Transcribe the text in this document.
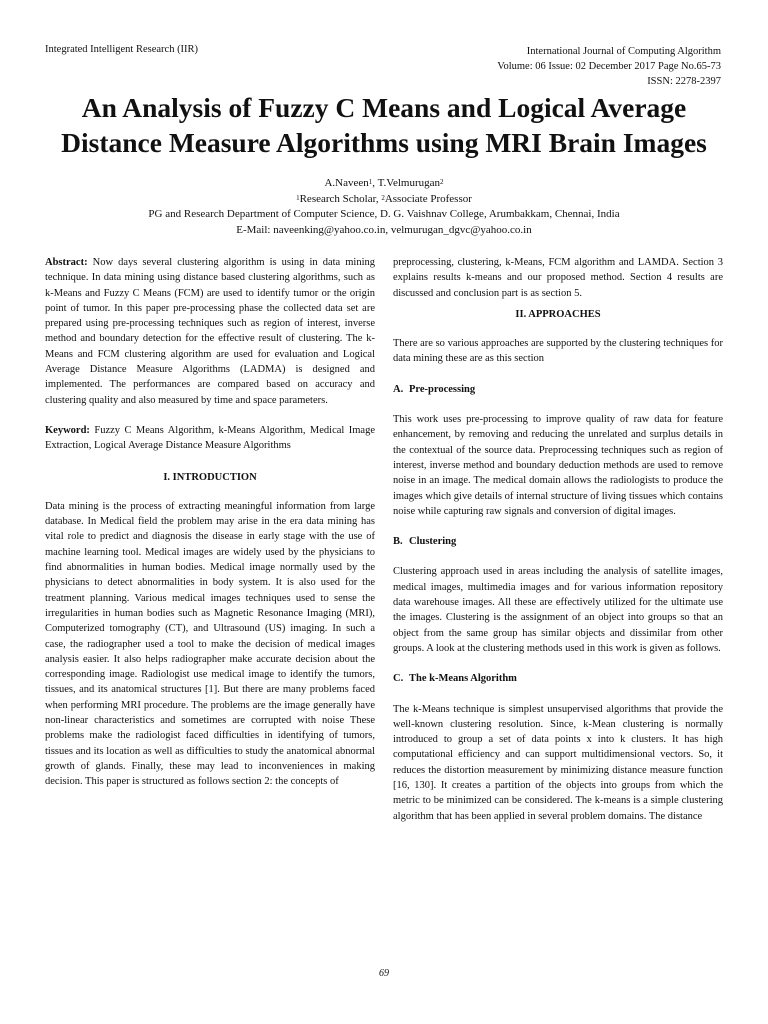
Integrated Intelligent Research (IIR)	International Journal of Computing Algorithm
Volume: 06 Issue: 02 December 2017 Page No.65-73
ISSN: 2278-2397
An Analysis of Fuzzy C Means and Logical Average
Distance Measure Algorithms using MRI Brain Images
A.Naveen$^1$, T.Velmurugan$^2$
$^1$Research Scholar, $^2$Associate Professor
PG and Research Department of Computer Science, D. G. Vaishnav College, Arumbakkam, Chennai, India
E-Mail: naveenking@yahoo.co.in, velmurugan_dgvc@yahoo.co.in

Abstract: Now days several clustering algorithm is using in data mining technique. In data mining using distance based clustering algorithms, such as k-Means and Fuzzy C Means (FCM) are used to identify tumor or the origin point of tumor. In this paper pre-processing phase the collected data set are prepared using pre-processing techniques such as region of interest, inverse method and boundary detection for the effective result of clustering. The k-Means and FCM clustering algorithm are used for evaluation and Logical Average Distance Measure Algorithms (LADMA) is designed and implemented. The performances are compared based on accuracy and clustering quality and also measured by time and space parameters.

Keyword: Fuzzy C Means Algorithm, k-Means Algorithm, Medical Image Extraction, Logical Average Distance Measure Algorithms

I. INTRODUCTION

Data mining is the process of extracting meaningful information from large database. In Medical field the problem may arise in the era data mining has vital role to predict and diagnosis the disease in early stage with the use of machine learning tool. Medical images are widely used by the physicians to find abnormalities in human bodies. Medical image normally used by the physicians to detect abnormalities in body system. It is also used for the treatment planning. Various medical images techniques used to sense the irregularities in human bodies such as Magnetic Resonance Imaging (MRI), Computerized tomography (CT), and Ultrasound (US) imaging. In such a case, the radiographer used a tool to make the decision of medical images analysis easier. It also helps radiographer make accurate decision about the corresponding image. Radiologist use medical image to identify the tumors, tissues, and its anatomical structures [1]. But there are many problems faced when performing MRI procedure. The problems are the image generally have non-linear characteristics and sometimes are corrupted with noise These problems make the radiologist faced difficulties in identifying of tumors, tissues and its location as well as difficulties to study the anatomical abnormal growth of glands. Finally, these may lead to inconveniences in making decision. This paper is structured as follows section 2: the concepts of

preprocessing, clustering, k-Means, FCM algorithm and LAMDA. Section 3 explains results k-means and our proposed method. Section 4 results are discussed and conclusion part is as section 5.

II. APPROACHES

There are so various approaches are supported by the clustering techniques for data mining these are as this section

A. Pre-processing

This work uses pre-processing to improve quality of raw data for feature enhancement, by removing and reducing the unrelated and surplus details in the contextual of the source data. Preprocessing techniques such as region of interest, inverse method and boundary deduction methods are used to remove noise in an image. The medical domain allows the radiologists to produce the images which give details of internal structure of living tissues which contains noise while capturing raw signals and conversion of digital images.

B. Clustering

Clustering approach used in areas including the analysis of satellite images, medical images, multimedia images and for various information repository data warehouse images. All these are effectively utilized for the ultimate use the images. Clustering is the assignment of an object into groups so that an object from the same group has similar objects and dissimilar from other groups. A look at the clustering methods used in this work is given as follows.

C. The k-Means Algorithm

The k-Means technique is simplest unsupervised algorithms that provide the well-known clustering resolution. Since, k-Mean clustering is normally introduced to group a set of data points x into k clusters. It has high computational efficiency and can support multidimensional vectors. So, it reduces the distortion measurement by minimizing distance measure function [16, 130]. It creates a partition of the objects into groups from which the metric to be minimized can be considered. The k-means is a simple clustering algorithm that has been applied in several problem domains. The distance

69
